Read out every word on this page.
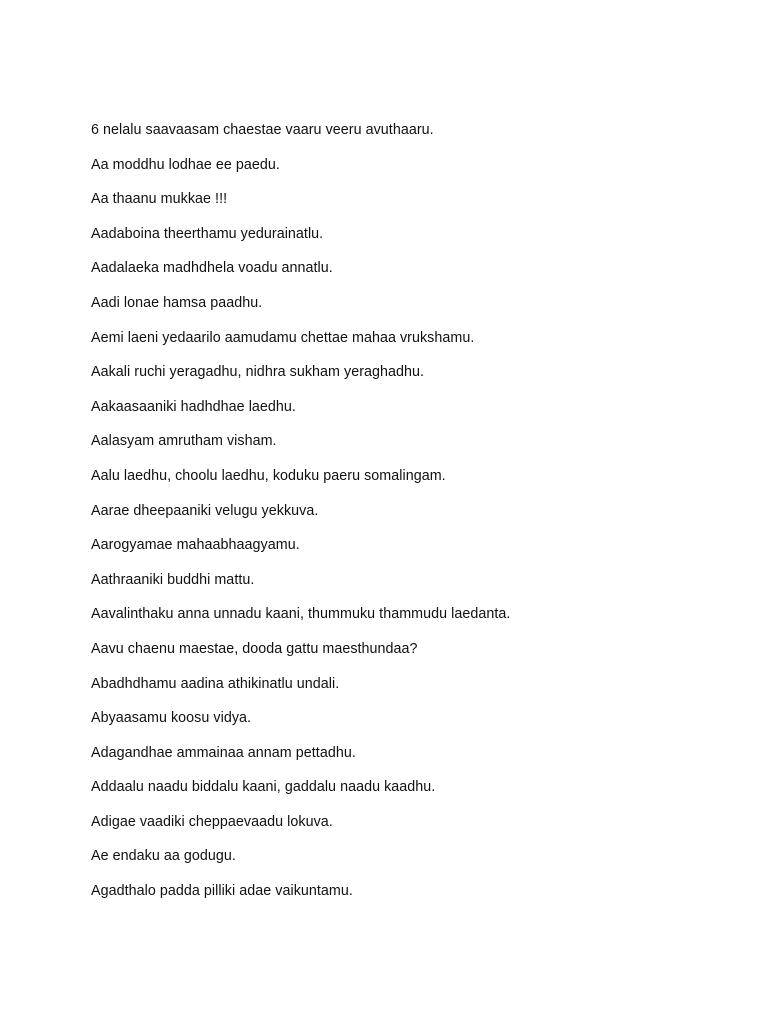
6 nelalu saavaasam chaestae vaaru veeru avuthaaru.
Aa moddhu lodhae ee paedu.
Aa thaanu mukkae !!!
Aadaboina theerthamu yedurainatlu.
Aadalaeka madhdhela voadu annatlu.
Aadi lonae hamsa paadhu.
Aemi laeni yedaarilo aamudamu chettae mahaa vrukshamu.
Aakali ruchi yeragadhu, nidhra sukham yeraghadhu.
Aakaasaaniki hadhdhae laedhu.
Aalasyam amrutham visham.
Aalu laedhu, choolu laedhu, koduku paeru somalingam.
Aarae dheepaaniki velugu yekkuva.
Aarogyamae mahaabhaagyamu.
Aathraaniki buddhi mattu.
Aavalinthaku anna unnadu kaani, thummuku thammudu laedanta.
Aavu chaenu maestae, dooda gattu maesthundaa?
Abadhdhamu aadina athikinatlu undali.
Abyaasamu koosu vidya.
Adagandhae ammainaa annam pettadhu.
Addaalu naadu biddalu kaani, gaddalu naadu kaadhu.
Adigae vaadiki cheppaevaadu lokuva.
Ae endaku aa godugu.
Agadthalo padda pilliki adae vaikuntamu.
